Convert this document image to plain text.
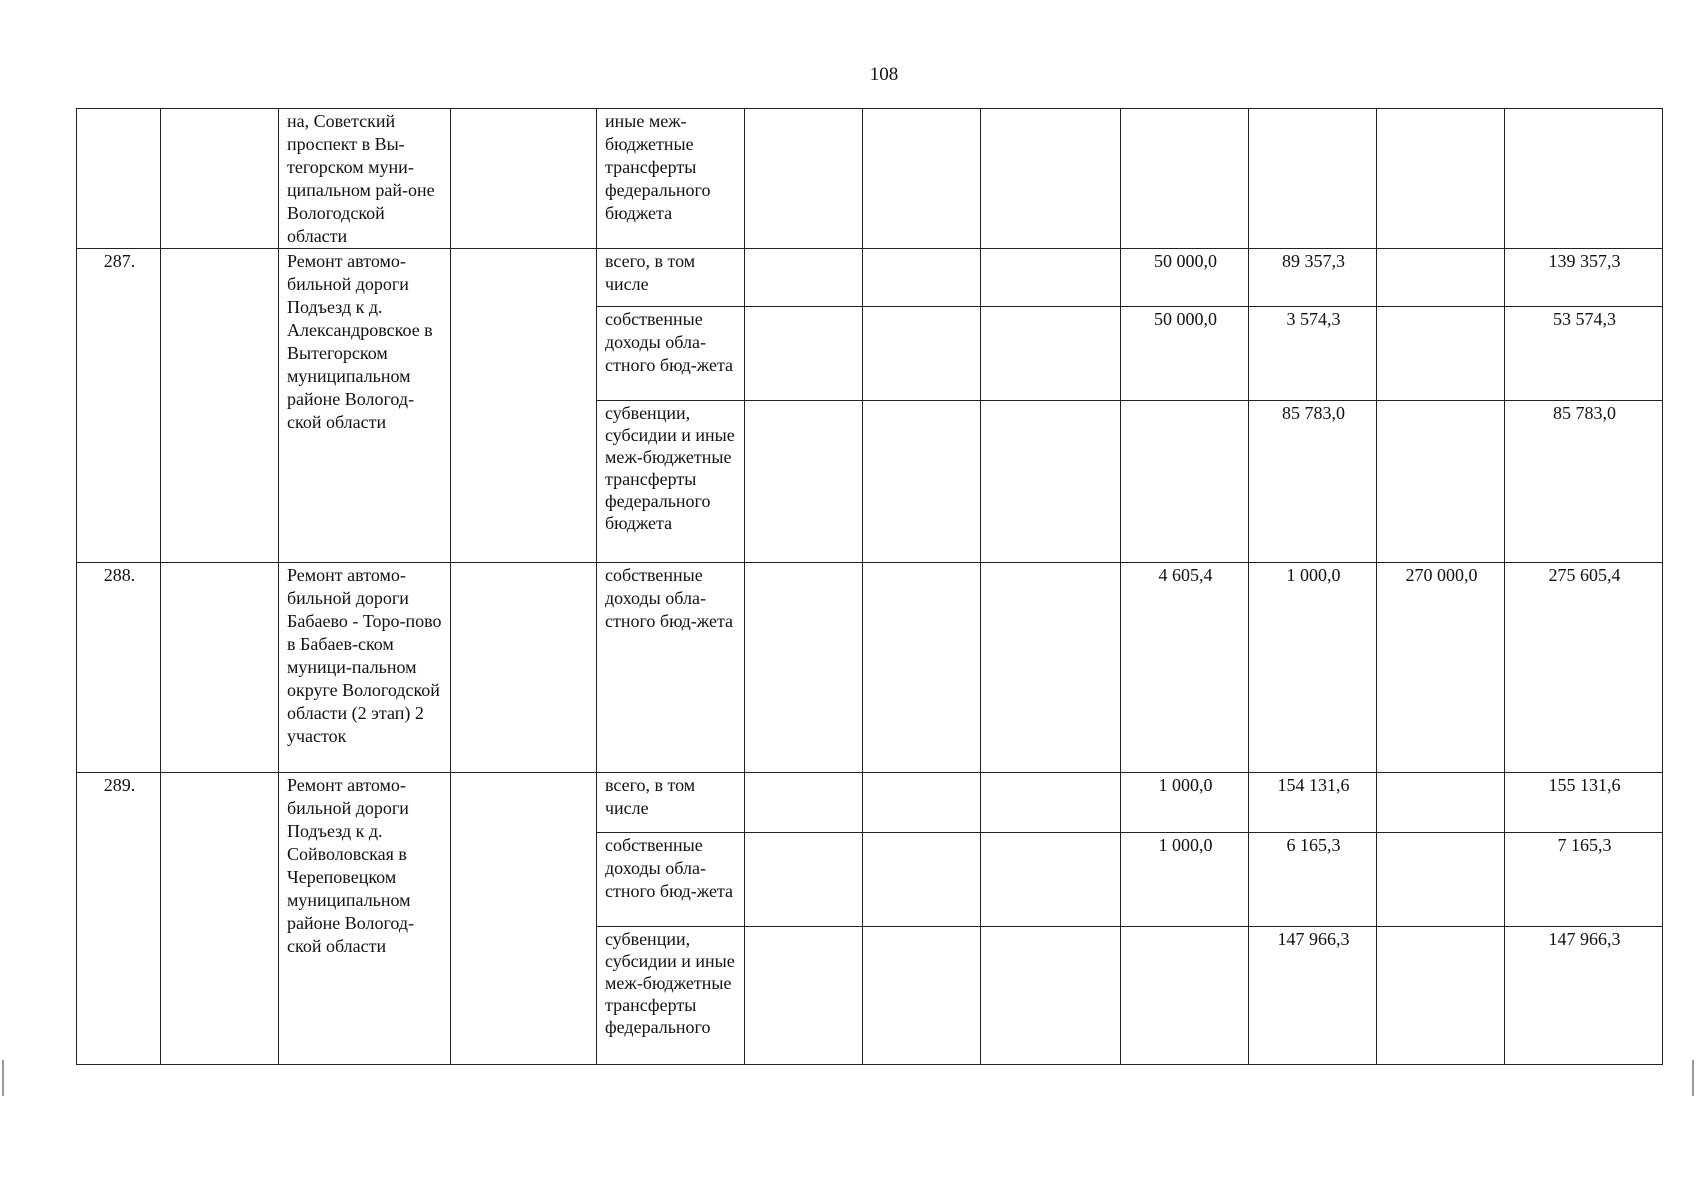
108
		на, Советский проспект в Вы-тегорском муни-ципальном рай-оне Вологодской области		иные меж-бюджетные трансферты федерального бюджета							
287.		Ремонт автомо-бильной дороги Подъезд к д. Александровское в Вытегорском муниципальном районе Вологод-ской области		всего, в том числе				50 000,0	89 357,3		139 357,3
				собственные доходы обла-стного бюд-жета				50 000,0	3 574,3		53 574,3
				субвенции, субсидии и иные меж-бюджетные трансферты федерального бюджета					85 783,0		85 783,0
288.		Ремонт автомо-бильной дороги Бабаево - Торо-пово в Бабаев-ском муници-пальном округе Вологодской области (2 этап) 2 участок		собственные доходы обла-стного бюд-жета				4 605,4	1 000,0	270 000,0	275 605,4
289.		Ремонт автомо-бильной дороги Подъезд к д. Сойволовская в Череповецком муниципальном районе Вологод-ской области		всего, в том числе				1 000,0	154 131,6		155 131,6
				собственные доходы обла-стного бюд-жета				1 000,0	6 165,3		7 165,3
				субвенции, субсидии и иные меж-бюджетные трансферты федерального					147 966,3		147 966,3
